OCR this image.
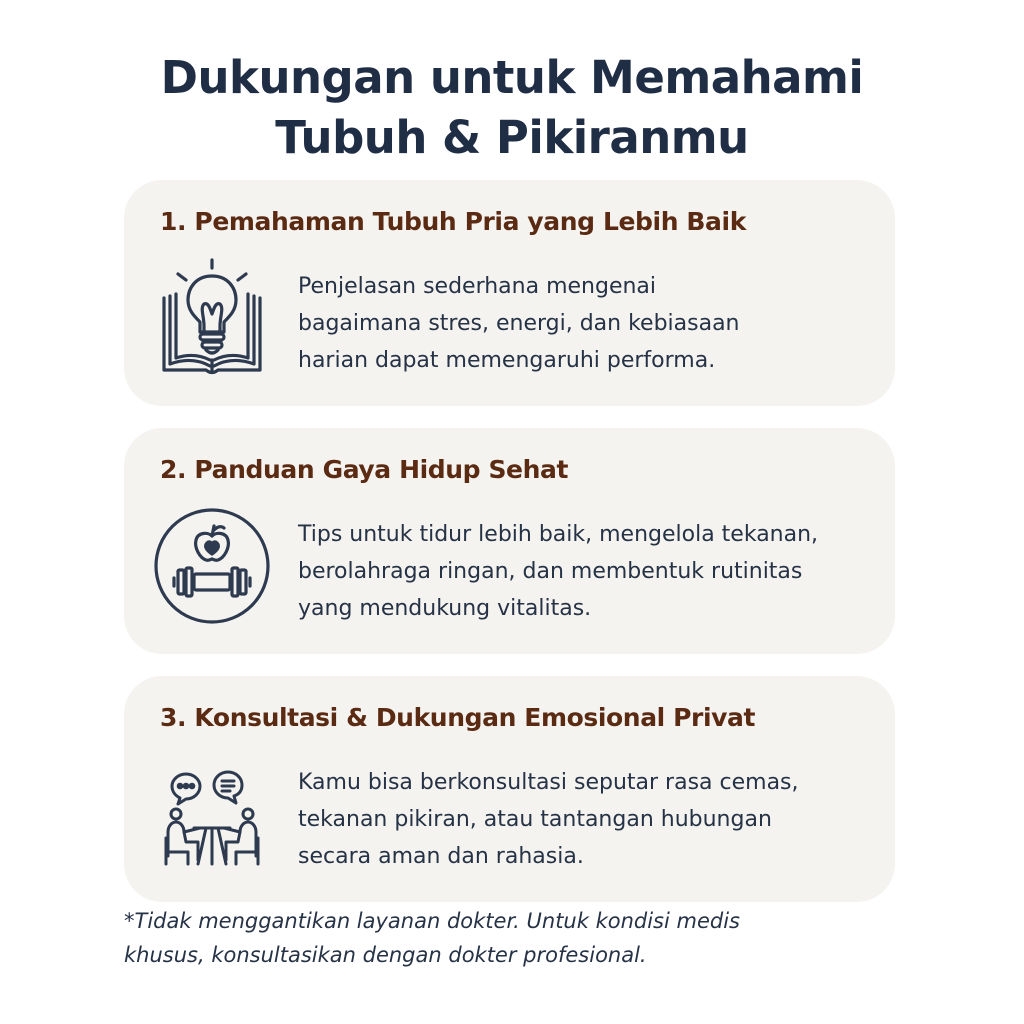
Dukungan untuk Memahami
Tubuh & Pikiranmu
1. Pemahaman Tubuh Pria yang Lebih Baik

Penjelasan sederhana mengenai
bagaimana stres, energi, dan kebiasaan
harian dapat memengaruhi performa.

2. Panduan Gaya Hidup Sehat

Tips untuk tidur lebih baik, mengelola tekanan,
berolahraga ringan, dan membentuk rutinitas
yang mendukung vitalitas.

3. Konsultasi & Dukungan Emosional Privat

Kamu bisa berkonsultasi seputar rasa cemas,
tekanan pikiran, atau tantangan hubungan
secara aman dan rahasia.

*Tidak menggantikan layanan dokter. Untuk kondisi medis
khusus, konsultasikan dengan dokter profesional.
